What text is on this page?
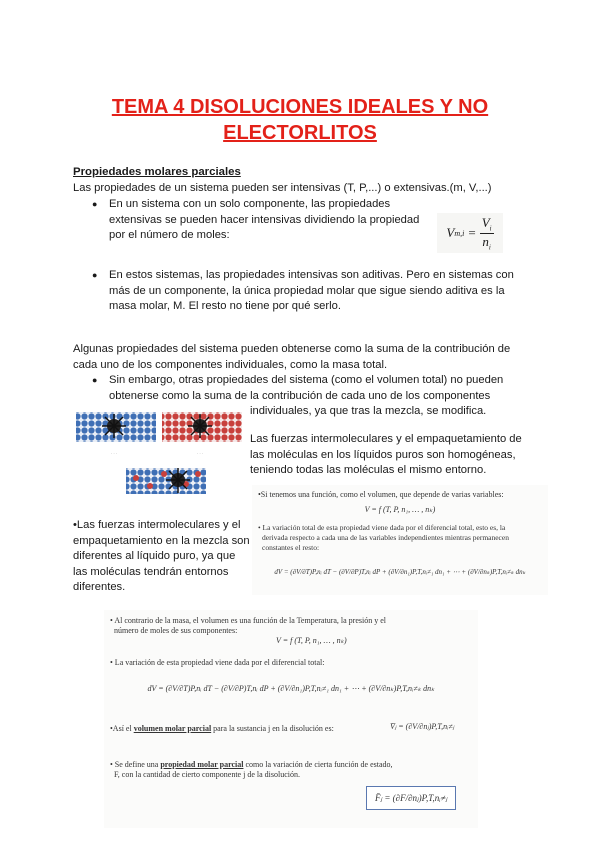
TEMA 4 DISOLUCIONES IDEALES Y NO
ELECTORLITOS
Propiedades molares parciales
Las propiedades de un sistema pueden ser intensivas (T, P,...) o extensivas.(m, V,...)
● En un sistema con un solo componente, las propiedades
extensivas se pueden hacer intensivas dividiendo la propiedad
por el número de moles:	V $m,i = \frac{V_i}{n_i}$
● En estos sistemas, las propiedades intensivas son aditivas. Pero en sistemas con
más de un componente, la única propiedad molar que sigue siendo aditiva es la
masa molar, M. El resto no tiene por qué serlo.
Algunas propiedades del sistema pueden obtenerse como la suma de la contribución de
cada uno de los componentes individuales, como la masa total.
● Sin embargo, otras propiedades del sistema (como el volumen total) no pueden
obtenerse como la suma de la contribución de cada uno de los componentes
individuales, ya que tras la mezcla, se modifica.
· · ·	· · ·
Las fuerzas intermoleculares y el empaquetamiento de
las moléculas en los líquidos puros son homogéneas,
teniendo todas las moléculas el mismo entorno.
•Las fuerzas intermoleculares y el
empaquetamiento en la mezcla son
diferentes al líquido puro, ya que
las moléculas tendrán entornos
diferentes.
•Si tenemos una función, como el volumen, que depende de varias variables:
V = f (T, P, n₁, … , nₖ)
• La variación total de esta propiedad viene dada por el diferencial total, esto es, la
derivada respecto a cada una de las variables independientes mientras permanecen
constantes el resto:
dV = (∂V/∂T)P,nᵢ dT − (∂V/∂P)T,nᵢ dP + (∂V/∂n₁)P,T,nᵢ≠₁ dn₁ + ⋯ + (∂V/∂nₖ)P,T,nᵢ≠ₖ dnₖ
• Al contrario de la masa, el volumen es una función de la Temperatura, la presión y el
número de moles de sus componentes:
V = f (T, P, n₁, … , nₖ)
• La variación de esta propiedad viene dada por el diferencial total:
dV = (∂V/∂T)P,nᵢ dT − (∂V/∂P)T,nᵢ dP + (∂V/∂n₁)P,T,nᵢ≠₁ dn₁ + ⋯ + (∂V/∂nₖ)P,T,nᵢ≠ₖ dnₖ
•Así el volumen molar parcial para la sustancia j en la disolución es:	V̄ⱼ = (∂V/∂nⱼ)P,T,nᵢ≠ⱼ
• Se define una propiedad molar parcial como la variación de cierta función de estado,
F, con la cantidad de cierto componente j de la disolución.
F̄ⱼ = (∂F/∂nⱼ)P,T,nᵢ≠ⱼ
